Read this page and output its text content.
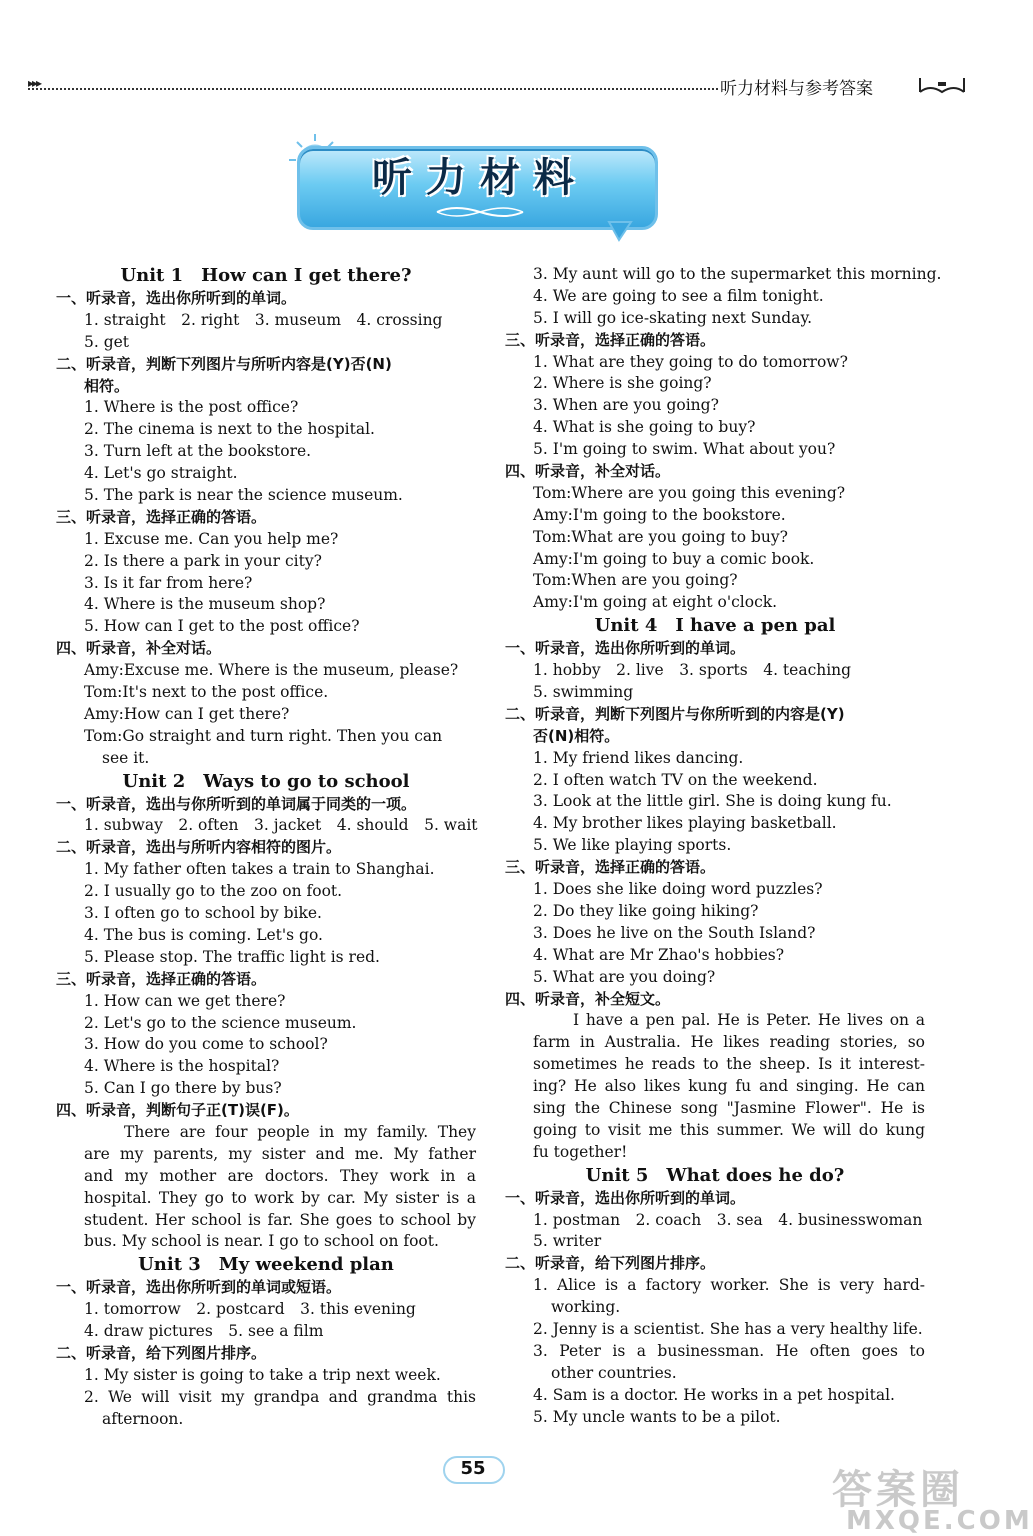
▸▸▸	听力材料与参考答案
听力材料
Unit 1　How can I get there?
一、听录音，选出你所听到的单词。
1. straight　2. right　3. museum　4. crossing
5. get
二、听录音，判断下列图片与所听内容是(Y)否(N)
相符。
1. Where is the post office?
2. The cinema is next to the hospital.
3. Turn left at the bookstore.
4. Let's go straight.
5. The park is near the science museum.
三、听录音，选择正确的答语。
1. Excuse me. Can you help me?
2. Is there a park in your city?
3. Is it far from here?
4. Where is the museum shop?
5. How can I get to the post office?
四、听录音，补全对话。
Amy:Excuse me. Where is the museum, please?
Tom:It's next to the post office.
Amy:How can I get there?
Tom:Go straight and turn right. Then you can
see it.
Unit 2　Ways to go to school
一、听录音，选出与你所听到的单词属于同类的一项。
1. subway　2. often　3. jacket　4. should　5. wait
二、听录音，选出与所听内容相符的图片。
1. My father often takes a train to Shanghai.
2. I usually go to the zoo on foot.
3. I often go to school by bike.
4. The bus is coming. Let's go.
5. Please stop. The traffic light is red.
三、听录音，选择正确的答语。
1. How can we get there?
2. Let's go to the science museum.
3. How do you come to school?
4. Where is the hospital?
5. Can I go there by bus?
四、听录音，判断句子正(T)误(F)。
There are four people in my family. They
are my parents, my sister and me. My father
and my mother are doctors. They work in a
hospital. They go to work by car. My sister is a
student. Her school is far. She goes to school by
bus. My school is near. I go to school on foot.
Unit 3　My weekend plan
一、听录音，选出你所听到的单词或短语。
1. tomorrow　2. postcard　3. this evening
4. draw pictures　5. see a film
二、听录音，给下列图片排序。
1. My sister is going to take a trip next week.
2. We will visit my grandpa and grandma this
afternoon.
3. My aunt will go to the supermarket this morning.
4. We are going to see a film tonight.
5. I will go ice-skating next Sunday.
三、听录音，选择正确的答语。
1. What are they going to do tomorrow?
2. Where is she going?
3. When are you going?
4. What is she going to buy?
5. I'm going to swim. What about you?
四、听录音，补全对话。
Tom:Where are you going this evening?
Amy:I'm going to the bookstore.
Tom:What are you going to buy?
Amy:I'm going to buy a comic book.
Tom:When are you going?
Amy:I'm going at eight o'clock.
Unit 4　I have a pen pal
一、听录音，选出你所听到的单词。
1. hobby　2. live　3. sports　4. teaching
5. swimming
二、听录音，判断下列图片与你所听到的内容是(Y)
否(N)相符。
1. My friend likes dancing.
2. I often watch TV on the weekend.
3. Look at the little girl. She is doing kung fu.
4. My brother likes playing basketball.
5. We like playing sports.
三、听录音，选择正确的答语。
1. Does she like doing word puzzles?
2. Do they like going hiking?
3. Does he live on the South Island?
4. What are Mr Zhao's hobbies?
5. What are you doing?
四、听录音，补全短文。
I have a pen pal. He is Peter. He lives on a
farm in Australia. He likes reading stories, so
sometimes he reads to the sheep. Is it interest-
ing? He also likes kung fu and singing. He can
sing the Chinese song "Jasmine Flower". He is
going to visit me this summer. We will do kung
fu together!
Unit 5　What does he do?
一、听录音，选出你所听到的单词。
1. postman　2. coach　3. sea　4. businesswoman
5. writer
二、听录音，给下列图片排序。
1. Alice is a factory worker. She is very hard-
working.
2. Jenny is a scientist. She has a very healthy life.
3. Peter is a businessman. He often goes to
other countries.
4. Sam is a doctor. He works in a pet hospital.
5. My uncle wants to be a pilot.
55	答案圈
MXQE.COM
